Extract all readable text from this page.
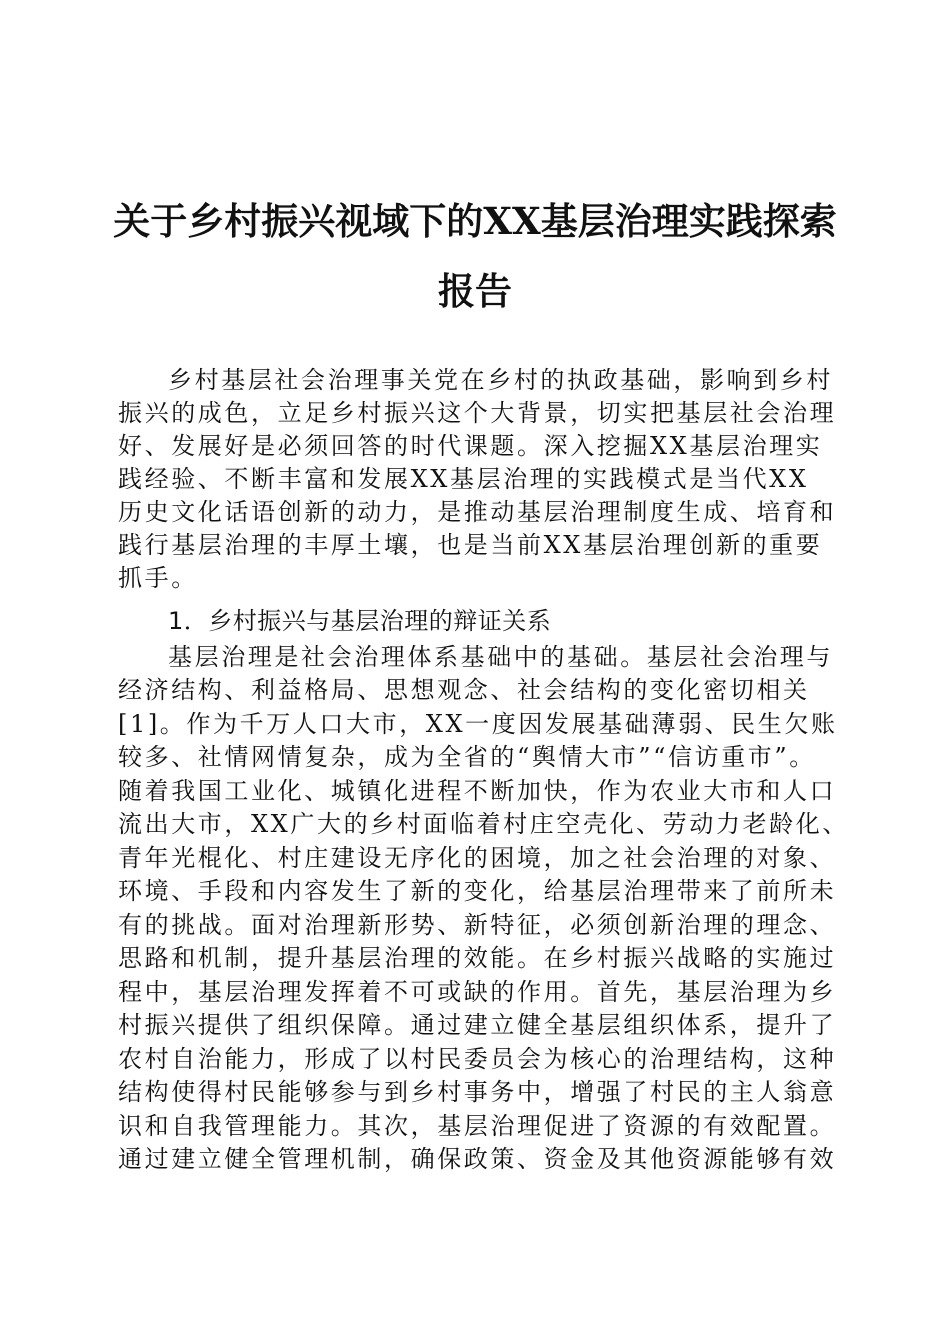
关于乡村振兴视域下的XX基层治理实践探索
报告
乡村基层社会治理事关党在乡村的执政基础，影响到乡村
振兴的成色，立足乡村振兴这个大背景，切实把基层社会治理
好、发展好是必须回答的时代课题。深入挖掘XX基层治理实
践经验、不断丰富和发展XX基层治理的实践模式是当代XX
历史文化话语创新的动力，是推动基层治理制度生成、培育和
践行基层治理的丰厚土壤，也是当前XX基层治理创新的重要
抓手。
1．乡村振兴与基层治理的辩证关系
基层治理是社会治理体系基础中的基础。基层社会治理与
经济结构、利益格局、思想观念、社会结构的变化密切相关
[1]。作为千万人口大市，XX一度因发展基础薄弱、民生欠账
较多、社情网情复杂，成为全省的“舆情大市”“信访重市”。
随着我国工业化、城镇化进程不断加快，作为农业大市和人口
流出大市，XX广大的乡村面临着村庄空壳化、劳动力老龄化、
青年光棍化、村庄建设无序化的困境，加之社会治理的对象、
环境、手段和内容发生了新的变化，给基层治理带来了前所未
有的挑战。面对治理新形势、新特征，必须创新治理的理念、
思路和机制，提升基层治理的效能。在乡村振兴战略的实施过
程中，基层治理发挥着不可或缺的作用。首先，基层治理为乡
村振兴提供了组织保障。通过建立健全基层组织体系，提升了
农村自治能力，形成了以村民委员会为核心的治理结构，这种
结构使得村民能够参与到乡村事务中，增强了村民的主人翁意
识和自我管理能力。其次，基层治理促进了资源的有效配置。
通过建立健全管理机制，确保政策、资金及其他资源能够有效
